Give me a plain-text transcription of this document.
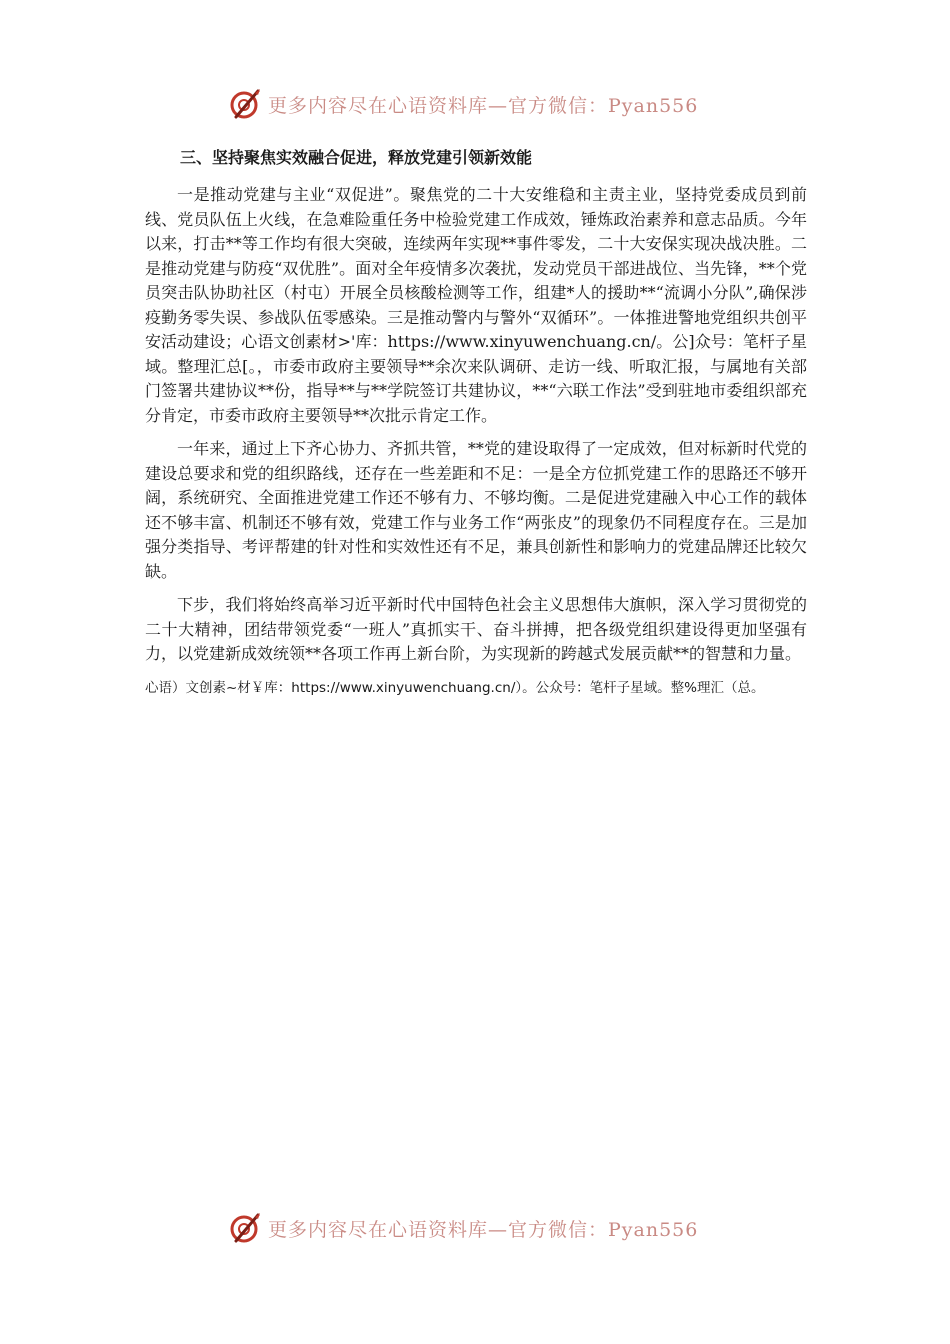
更多内容尽在心语资料库—官方微信：Pyan556
三、坚持聚焦实效融合促进，释放党建引领新效能

一是推动党建与主业“双促进”。聚焦党的二十大安维稳和主责主业，坚持党委成员到前线、党员队伍上火线，在急难险重任务中检验党建工作成效，锤炼政治素养和意志品质。今年以来，打击**等工作均有很大突破，连续两年实现**事件零发，二十大安保实现决战决胜。二是推动党建与防疫“双优胜”。面对全年疫情多次袭扰，发动党员干部进战位、当先锋，**个党员突击队协助社区（村屯）开展全员核酸检测等工作，组建*人的援助**“流调小分队”,确保涉疫勤务零失误、参战队伍零感染。三是推动警内与警外“双循环”。一体推进警地党组织共创平安活动建设；心语文创素材>'库：https://www.xinyuwenchuang.cn/。公]众号：笔杆子星域。整理汇总[。，市委市政府主要领导**余次来队调研、走访一线、听取汇报，与属地有关部门签署共建协议**份，指导**与**学院签订共建协议，**“六联工作法”受到驻地市委组织部充分肯定，市委市政府主要领导**次批示肯定工作。

一年来，通过上下齐心协力、齐抓共管，**党的建设取得了一定成效，但对标新时代党的建设总要求和党的组织路线，还存在一些差距和不足：一是全方位抓党建工作的思路还不够开阔，系统研究、全面推进党建工作还不够有力、不够均衡。二是促进党建融入中心工作的载体还不够丰富、机制还不够有效，党建工作与业务工作“两张皮”的现象仍不同程度存在。三是加强分类指导、考评帮建的针对性和实效性还有不足，兼具创新性和影响力的党建品牌还比较欠缺。

下步，我们将始终高举习近平新时代中国特色社会主义思想伟大旗帜，深入学习贯彻党的二十大精神，团结带领党委“一班人”真抓实干、奋斗拼搏，把各级党组织建设得更加坚强有力，以党建新成效统领**各项工作再上新台阶，为实现新的跨越式发展贡献**的智慧和力量。

心语）文创素~材￥库：https://www.xinyuwenchuang.cn/）。公众号：笔杆子星域。整%理汇（总。

更多内容尽在心语资料库—官方微信：Pyan556
